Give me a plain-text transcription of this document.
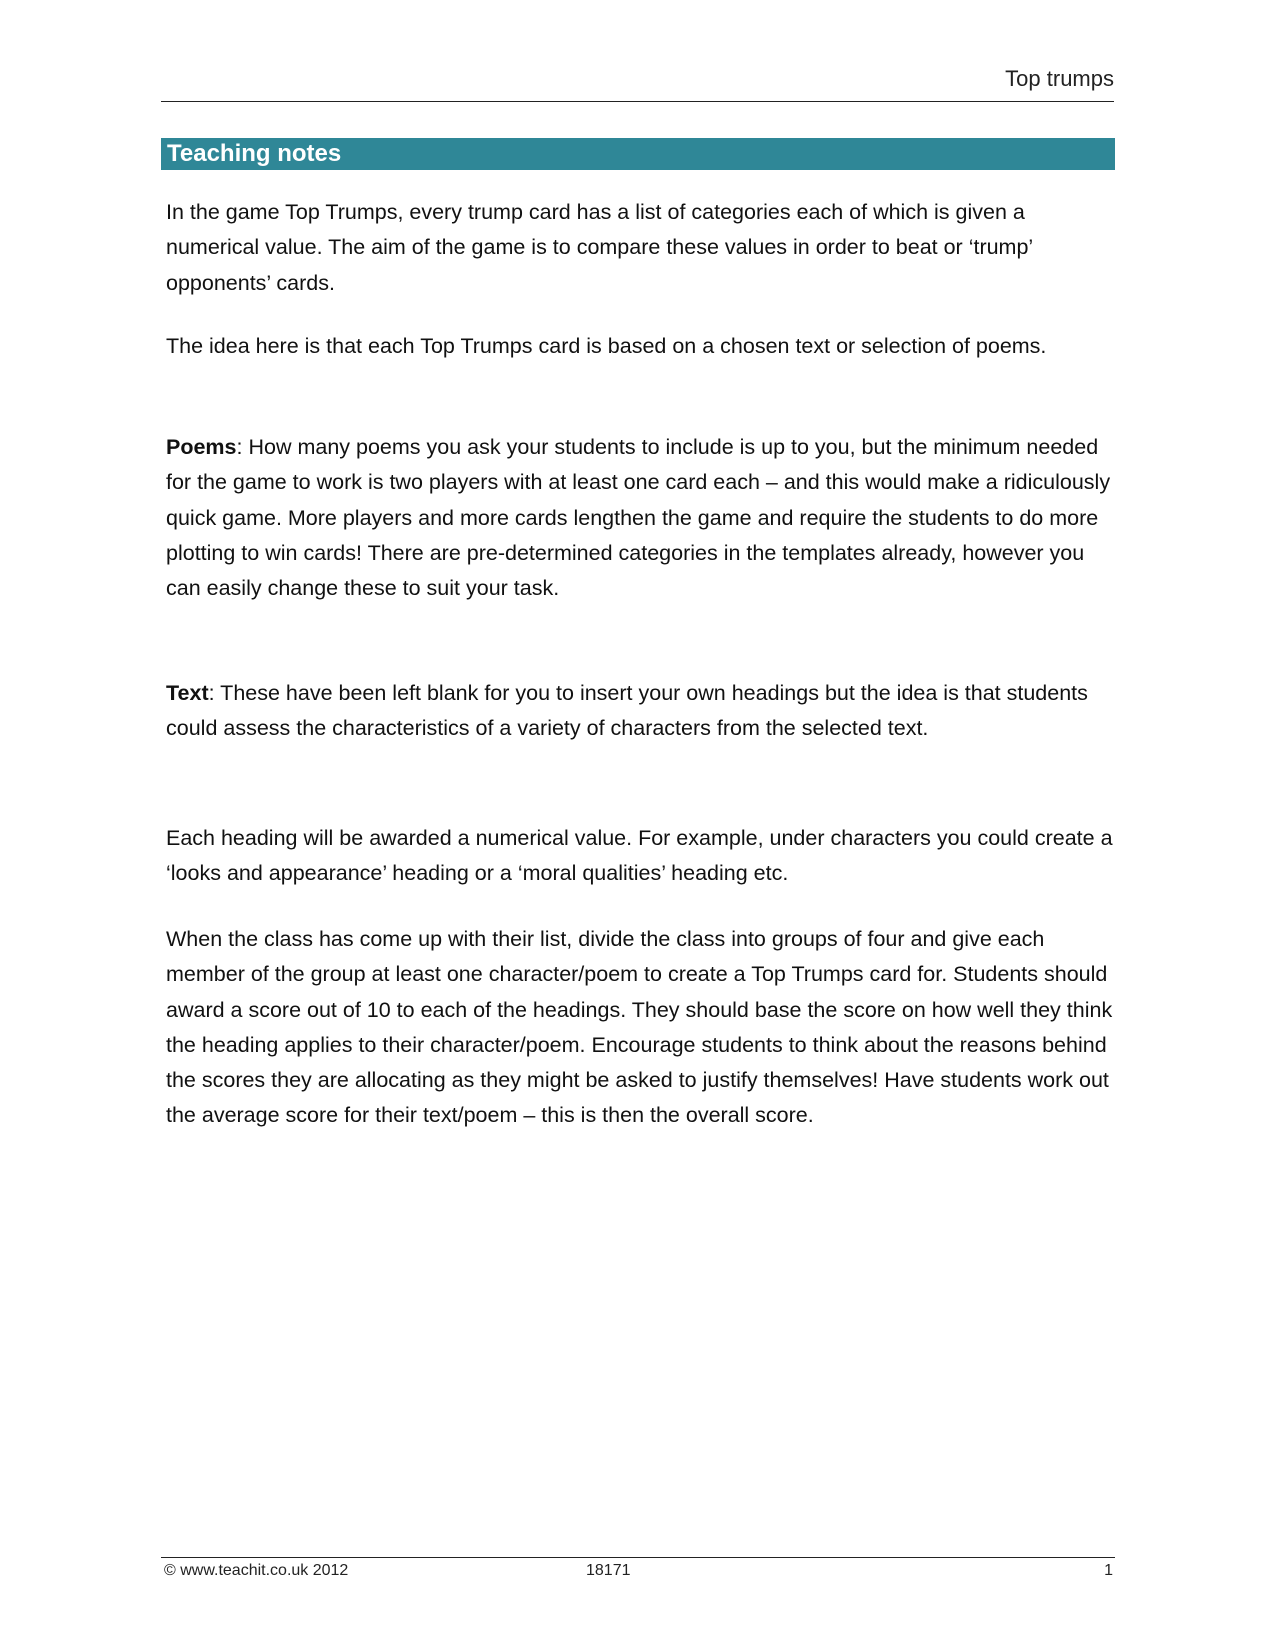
Top trumps
Teaching notes

In the game Top Trumps, every trump card has a list of categories each of which is given a numerical value. The aim of the game is to compare these values in order to beat or ‘trump’ opponents’ cards.

The idea here is that each Top Trumps card is based on a chosen text or selection of poems.

Poems: How many poems you ask your students to include is up to you, but the minimum needed for the game to work is two players with at least one card each – and this would make a ridiculously quick game. More players and more cards lengthen the game and require the students to do more plotting to win cards! There are pre-determined categories in the templates already, however you can easily change these to suit your task.

Text: These have been left blank for you to insert your own headings but the idea is that students could assess the characteristics of a variety of characters from the selected text.

Each heading will be awarded a numerical value. For example, under characters you could create a ‘looks and appearance’ heading or a ‘moral qualities’ heading etc.

When the class has come up with their list, divide the class into groups of four and give each member of the group at least one character/poem to create a Top Trumps card for. Students should award a score out of 10 to each of the headings. They should base the score on how well they think the heading applies to their character/poem. Encourage students to think about the reasons behind the scores they are allocating as they might be asked to justify themselves! Have students work out the average score for their text/poem – this is then the overall score.

© www.teachit.co.uk 2012	18171	1
